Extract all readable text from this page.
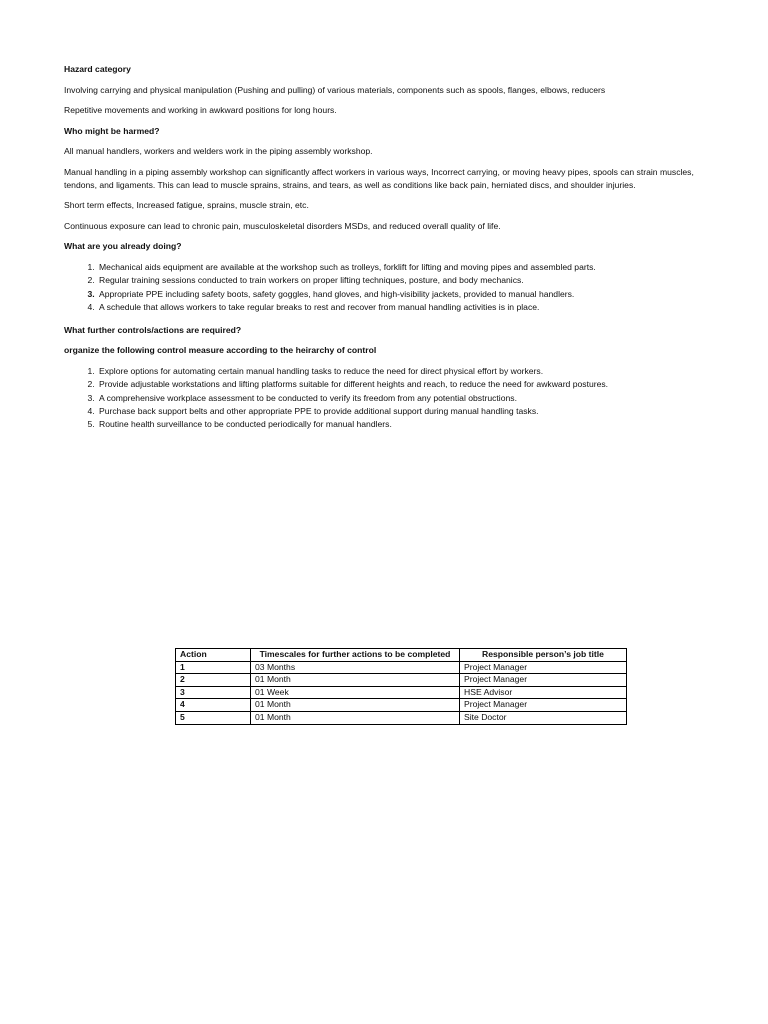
Hazard category

Involving carrying and physical manipulation (Pushing and pulling) of various materials, components such as spools, flanges, elbows, reducers

Repetitive movements and working in awkward positions for long hours.

Who might be harmed?

All manual handlers, workers and welders work in the piping assembly workshop.

Manual handling in a piping assembly workshop can significantly affect workers in various ways, Incorrect carrying, or moving heavy pipes, spools can strain muscles, tendons, and ligaments. This can lead to muscle sprains, strains, and tears, as well as conditions like back pain, herniated discs, and shoulder injuries.

Short term effects, Increased fatigue, sprains, muscle strain, etc.

Continuous exposure can lead to chronic pain, musculoskeletal disorders MSDs, and reduced overall quality of life.

What are you already doing?

1. Mechanical aids equipment are available at the workshop such as trolleys, forklift for lifting and moving pipes and assembled parts.
2. Regular training sessions conducted to train workers on proper lifting techniques, posture, and body mechanics.
3. Appropriate PPE including safety boots, safety goggles, hand gloves, and high-visibility jackets, provided to manual handlers.
4. A schedule that allows workers to take regular breaks to rest and recover from manual handling activities is in place.

What further controls/actions are required?

organize the following control measure according to the heirarchy of control

1. Explore options for automating certain manual handling tasks to reduce the need for direct physical effort by workers.
2. Provide adjustable workstations and lifting platforms suitable for different heights and reach, to reduce the need for awkward postures.
3. A comprehensive workplace assessment to be conducted to verify its freedom from any potential obstructions.
4. Purchase back support belts and other appropriate PPE to provide additional support during manual handling tasks.
5. Routine health surveillance to be conducted periodically for manual handlers.
Action	Timescales for further actions to be completed	Responsible person’s job title
1	03 Months	Project Manager
2	01 Month	Project Manager
3	01 Week	HSE Advisor
4	01 Month	Project Manager
5	01 Month	Site Doctor
